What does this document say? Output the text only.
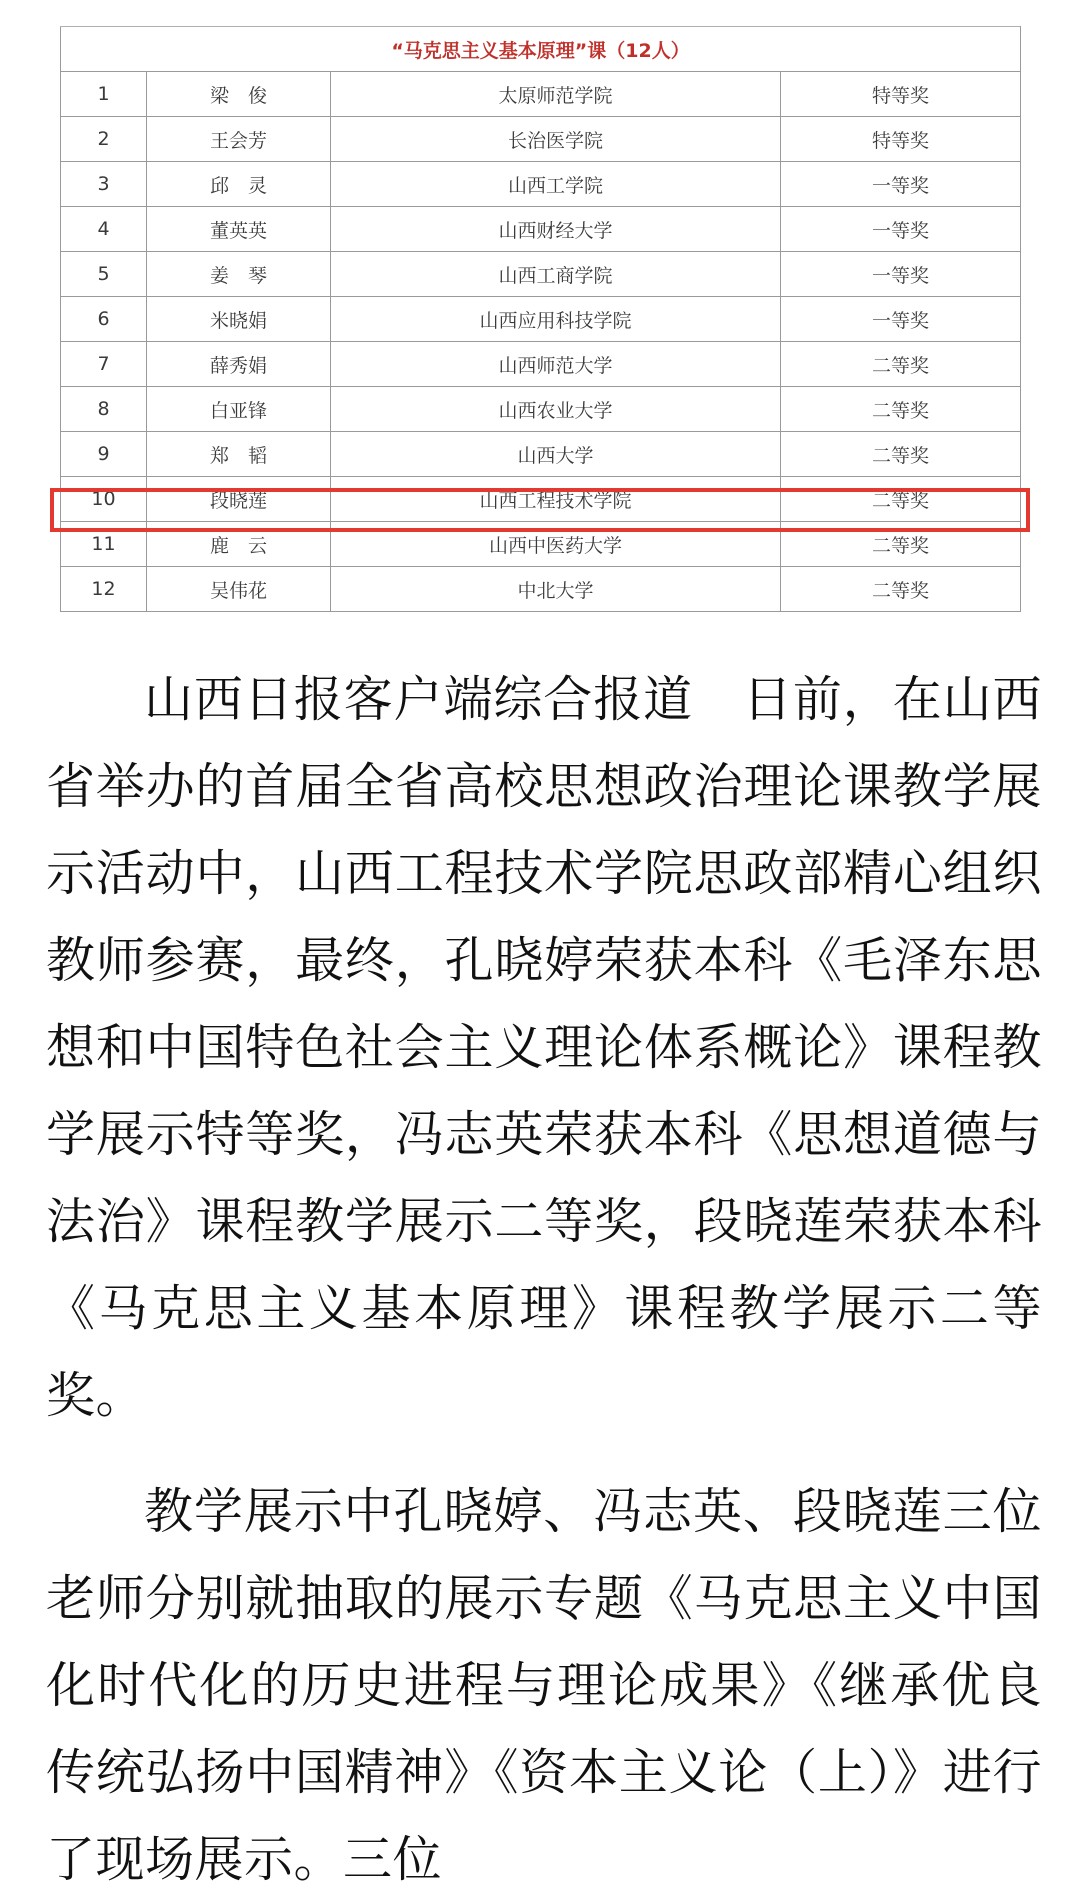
“马克思主义基本原理”课（12人）			
1	梁　俊	太原师范学院	特等奖
2	王会芳	长治医学院	特等奖
3	邱　灵	山西工学院	一等奖
4	董英英	山西财经大学	一等奖
5	姜　琴	山西工商学院	一等奖
6	米晓娟	山西应用科技学院	一等奖
7	薛秀娟	山西师范大学	二等奖
8	白亚锋	山西农业大学	二等奖
9	郑　韬	山西大学	二等奖
10	段晓莲	山西工程技术学院	二等奖
11	鹿　云	山西中医药大学	二等奖
12	吴伟花	中北大学	二等奖

山西日报客户端综合报道　日前，在山西省举办的首届全省高校思想政治理论课教学展示活动中，山西工程技术学院思政部精心组织教师参赛，最终，孔晓婷荣获本科《毛泽东思想和中国特色社会主义理论体系概论》课程教学展示特等奖，冯志英荣获本科《思想道德与法治》课程教学展示二等奖，段晓莲荣获本科《马克思主义基本原理》课程教学展示二等奖。

教学展示中孔晓婷、冯志英、段晓莲三位老师分别就抽取的展示专题《马克思主义中国化时代化的历史进程与理论成果》《继承优良传统弘扬中国精神》《资本主义论（上）》进行了现场展示。三位
